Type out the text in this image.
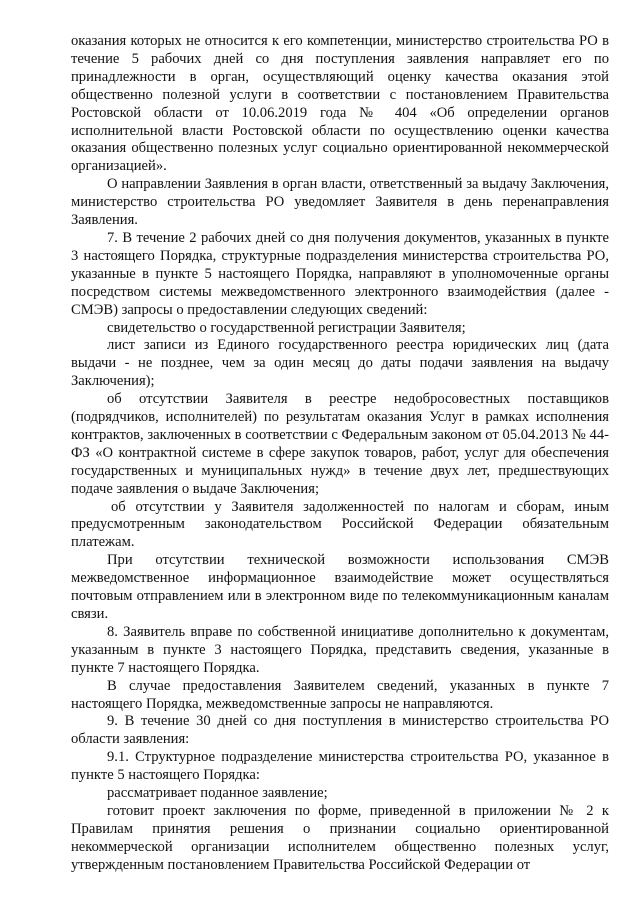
оказания которых не относится к его компетенции, министерство строительства РО в течение 5 рабочих дней со дня поступления заявления направляет его по принадлежности в орган, осуществляющий оценку качества оказания этой общественно полезной услуги в соответствии с постановлением Правительства Ростовской области от 10.06.2019 года № 404 «Об определении органов исполнительной власти Ростовской области по осуществлению оценки качества оказания общественно полезных услуг социально ориентированной некоммерческой организацией».

О направлении Заявления в орган власти, ответственный за выдачу Заключения, министерство строительства РО уведомляет Заявителя в день перенаправления Заявления.

7. В течение 2 рабочих дней со дня получения документов, указанных в пункте 3 настоящего Порядка, структурные подразделения министерства строительства РО, указанные в пункте 5 настоящего Порядка, направляют в уполномоченные органы посредством системы межведомственного электронного взаимодействия (далее - СМЭВ) запросы о предоставлении следующих сведений:

свидетельство о государственной регистрации Заявителя;

лист записи из Единого государственного реестра юридических лиц (дата выдачи - не позднее, чем за один месяц до даты подачи заявления на выдачу Заключения);

об отсутствии Заявителя в реестре недобросовестных поставщиков (подрядчиков, исполнителей) по результатам оказания Услуг в рамках исполнения контрактов, заключенных в соответствии с Федеральным законом от 05.04.2013 № 44-ФЗ «О контрактной системе в сфере закупок товаров, работ, услуг для обеспечения государственных и муниципальных нужд» в течение двух лет, предшествующих подаче заявления о выдаче Заключения;

об отсутствии у Заявителя задолженностей по налогам и сборам, иным предусмотренным законодательством Российской Федерации обязательным платежам.

При отсутствии технической возможности использования СМЭВ межведомственное информационное взаимодействие может осуществляться почтовым отправлением или в электронном виде по телекоммуникационным каналам связи.

8. Заявитель вправе по собственной инициативе дополнительно к документам, указанным в пункте 3 настоящего Порядка, представить сведения, указанные в пункте 7 настоящего Порядка.

В случае предоставления Заявителем сведений, указанных в пункте 7 настоящего Порядка, межведомственные запросы не направляются.

9. В течение 30 дней со дня поступления в министерство строительства РО области заявления:

9.1. Структурное подразделение министерства строительства РО, указанное в пункте 5 настоящего Порядка:

рассматривает поданное заявление;

готовит проект заключения по форме, приведенной в приложении № 2 к Правилам принятия решения о признании социально ориентированной некоммерческой организации исполнителем общественно полезных услуг, утвержденным постановлением Правительства Российской Федерации от
